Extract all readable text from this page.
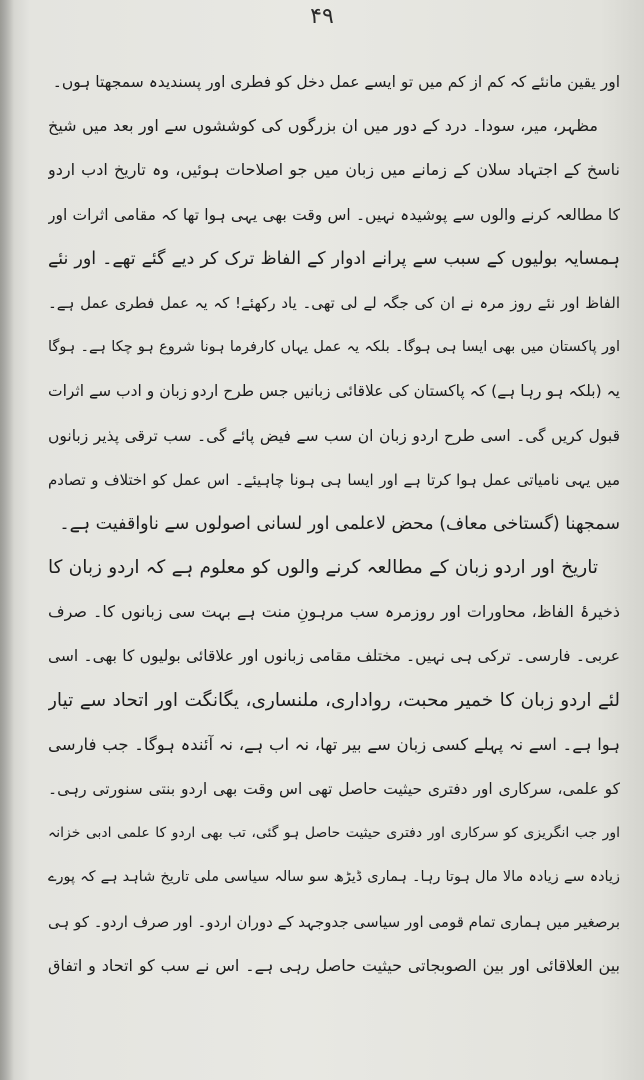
۴۹
اور یقین مانئے کہ کم از کم میں تو ایسے عمل دخل کو فطری اور پسندیدہ سمجھتا ہوں۔
مظہر، میر، سودا۔ درد کے دور میں ان بزرگوں کی کوششوں سے اور بعد میں شیخ
ناسخ کے اجتہاد سلان کے زمانے میں زبان میں جو اصلاحات ہوئیں، وہ تاریخ ادب اردو
کا مطالعہ کرنے والوں سے پوشیدہ نہیں۔ اس وقت بھی یہی ہوا تھا کہ مقامی اثرات اور
ہمسایہ بولیوں کے سبب سے پرانے ادوار کے الفاظ ترک کر دیے گئے تھے۔ اور نئے
الفاظ اور نئے روز مرہ نے ان کی جگہ لے لی تھی۔ یاد رکھئے! کہ یہ عمل فطری عمل ہے۔
اور پاکستان میں بھی ایسا ہی ہوگا۔ بلکہ یہ عمل یہاں کارفرما ہونا شروع ہو چکا ہے۔ ہوگا
یہ (بلکہ ہو رہا ہے) کہ پاکستان کی علاقائی زبانیں جس طرح اردو زبان و ادب سے اثرات
قبول کریں گی۔ اسی طرح اردو زبان ان سب سے فیض پائے گی۔ سب ترقی پذیر زبانوں
میں یہی نامیاتی عمل ہوا کرتا ہے اور ایسا ہی ہونا چاہیئے۔ اس عمل کو اختلاف و تصادم
سمجھنا (گستاخی معاف) محض لاعلمی اور لسانی اصولوں سے ناواقفیت ہے۔
تاریخ اور اردو زبان کے مطالعہ کرنے والوں کو معلوم ہے کہ اردو زبان کا
ذخیرۂ الفاظ، محاورات اور روزمرہ سب مرہونِ منت ہے بہت سی زبانوں کا۔ صرف
عربی۔ فارسی۔ ترکی ہی نہیں۔ مختلف مقامی زبانوں اور علاقائی بولیوں کا بھی۔ اسی
لئے اردو زبان کا خمیر محبت، رواداری، ملنساری، یگانگت اور اتحاد سے تیار
ہوا ہے۔ اسے نہ پہلے کسی زبان سے بیر تھا، نہ اب ہے، نہ آئندہ ہوگا۔ جب فارسی
کو علمی، سرکاری اور دفتری حیثیت حاصل تھی اس وقت بھی اردو بنتی سنورتی رہی۔
اور جب انگریزی کو سرکاری اور دفتری حیثیت حاصل ہو گئی، تب بھی اردو کا علمی ادبی خزانہ
زیادہ سے زیادہ مالا مال ہوتا رہا۔ ہماری ڈیڑھ سو سالہ سیاسی ملی تاریخ شاہد ہے کہ پورے
برصغیر میں ہماری تمام قومی اور سیاسی جدوجہد کے دوران اردو۔ اور صرف اردو۔ کو ہی
بین العلاقائی اور بین الصوبجاتی حیثیت حاصل رہی ہے۔ اس نے سب کو اتحاد و اتفاق
